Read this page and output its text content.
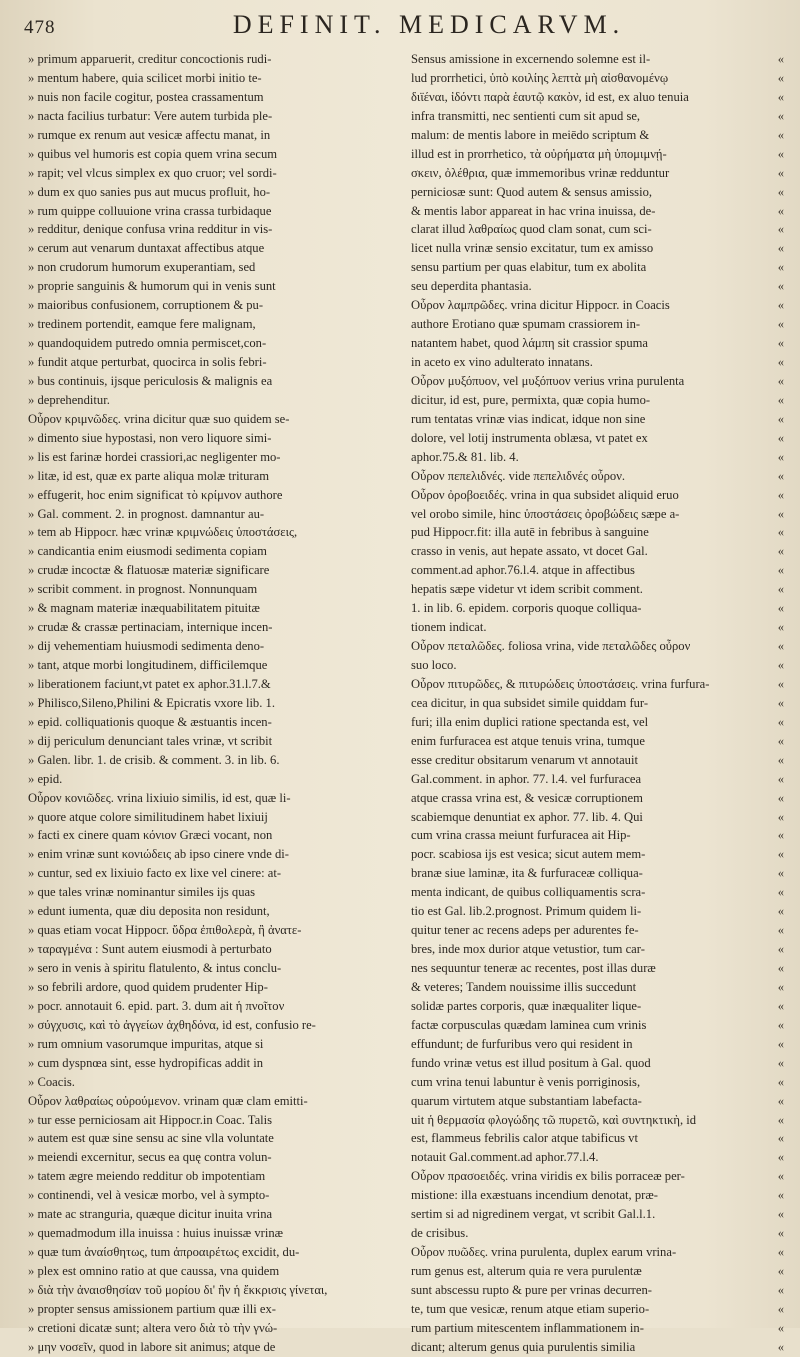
478	DEFINIT. MEDICARVM.
» primum apparuerit, creditur concoctionis rudi-
» mentum habere, quia scilicet morbi initio te-
» nuis non facile cogitur, postea crassamentum
» nacta facilius turbatur: Vere autem turbida ple-
» rumque ex renum aut vesicæ affectu manat, in
» quibus vel humoris est copia quem vrina secum
» rapit; vel vlcus simplex ex quo cruor; vel sordi-
» dum ex quo sanies pus aut mucus profluit, ho-
» rum quippe colluuione vrina crassa turbidaque
» redditur, denique confusa vrina redditur in vis-
» cerum aut venarum duntaxat affectibus atque
» non crudorum humorum exuperantiam, sed
» proprie sanguinis & humorum qui in venis sunt
» maioribus confusionem, corruptionem & pu-
» tredinem portendit, eamque fere malignam,
» quandoquidem putredo omnia permiscet,con-
» fundit atque perturbat, quocirca in solis febri-
» bus continuis, ijsque periculosis & malignis ea
» deprehenditur.
Οὖρον κριμνῶδες. vrina dicitur quæ suo quidem se-
» dimento siue hypostasi, non vero liquore simi-
» lis est farinæ hordei crassiori,ac negligenter mo-
» litæ, id est, quæ ex parte aliqua molæ trituram
» effugerit, hoc enim significat τὸ κρίμνον authore
» Gal. comment. 2. in prognost. damnantur au-
» tem ab Hippocr. hæc vrinæ κριμνώδεις ὑποστάσεις,
» candicantia enim eiusmodi sedimenta copiam
» crudæ incoctæ & flatuosæ materiæ significare
» scribit comment. in prognost. Nonnunquam
» & magnam materiæ inæquabilitatem pituitæ
» crudæ & crassæ pertinaciam, internique incen-
» dij vehementiam huiusmodi sedimenta deno-
» tant, atque morbi longitudinem, difficilemque
» liberationem faciunt,vt patet ex aphor.31.l.7.&
» Philisco,Sileno,Philini & Epicratis vxore lib. 1.
» epid. colliquationis quoque & æstuantis incen-
» dij periculum denunciant tales vrinæ, vt scribit
» Galen. libr. 1. de crisib. & comment. 3. in lib. 6.
» epid.
Οὖρον κονιῶδες. vrina lixiuio similis, id est, quæ li-
» quore atque colore similitudinem habet lixiuij
» facti ex cinere quam κόνιον Græci vocant, non
» enim vrinæ sunt κονιώδεις ab ipso cinere vnde di-
» cuntur, sed ex lixiuio facto ex lixe vel cinere: at-
» que tales vrinæ nominantur similes ijs quas
» edunt iumenta, quæ diu deposita non residunt,
» quas etiam vocat Hippocr. ὕδρα ἐπιθολερὰ, ἢ ἀνατε-
» ταραγμένα : Sunt autem eiusmodi à perturbato
» sero in venis à spiritu flatulento, & intus conclu-
» so febrili ardore, quod quidem prudenter Hip-
» pocr. annotauit 6. epid. part. 3. dum ait ἡ πνοῖτον
» σύγχυσις, καὶ τὸ ἀγγείων ἀχθηδόνα, id est, confusio re-
» rum omnium vasorumque impuritas, atque si
» cum dyspnœa sint, esse hydropificas addit in
» Coacis.
Οὖρον λαθραίως οὐρούμενον. vrinam quæ clam emitti-
» tur esse perniciosam ait Hippocr.in Coac. Talis
» autem est quæ sine sensu ac sine vlla voluntate
» meiendi excernitur, secus ea quę contra volun-
» tatem ægre meiendo redditur ob impotentiam
» continendi, vel à vesicæ morbo, vel à sympto-
» mate ac stranguria, quæque dicitur inuita vrina
» quemadmodum illa inuissa : huius inuissæ vrinæ
» quæ tum ἀναίσθητως, tum ἀπροαιρέτως excidit, du-
» plex est omnino ratio at que caussa, vna quidem
» διὰ τὴν ἀναισθησίαν τοῦ μορίου δι' ἣν ἡ ἔκκρισις γίνεται,
» propter sensus amissionem partium quæ illi ex-
» cretioni dicatæ sunt; altera vero διὰ τὸ τὴν γνώ-
» μην νοσεῖν, quod in labore sit animus; atque de
Sensus amissione in excernendo solemne est il- «
lud prorrhetici, ὑπὸ κοιλίης λεπτὰ μὴ αἰσθανομένῳ «
διϊέναι, ἰδόντι παρὰ ἑαυτῷ κακὸν, id est, ex aluo tenuia «
infra transmitti, nec sentienti cum sit apud se, «
malum: de mentis labore in meiēdo scriptum & «
illud est in prorrhetico, τὰ οὐρήματα μὴ ὑπομιμνῄ- «
σκειν, ὀλέθρια, quæ immemoribus vrinæ redduntur «
perniciosæ sunt: Quod autem & sensus amissio, «
& mentis labor appareat in hac vrina inuissa, de- «
clarat illud λαθραίως quod clam sonat, cum sci- «
licet nulla vrinæ sensio excitatur, tum ex amisso «
sensu partium per quas elabitur, tum ex abolita «
seu deperdita phantasia. «
Οὖρον λαμπρῶδες. vrina dicitur Hippocr. in Coacis «
authore Erotiano quæ spumam crassiorem in- «
natantem habet, quod λάμπη sit crassior spuma «
in aceto ex vino adulterato innatans. «
Οὖρον μυξόπυον, vel μυξόπυον verius vrina purulenta «
dicitur, id est, pure, permixta, quæ copia humo- «
rum tentatas vrinæ vias indicat, idque non sine «
dolore, vel lotij instrumenta oblæsa, vt patet ex «
aphor.75.& 81. lib. 4. «
Οὖρον πεπελιδνές. vide πεπελιδνές οὖρον. «
Οὖρον ὀροβοειδές. vrina in qua subsidet aliquid eruo «
vel orobo simile, hinc ὑποστάσεις ὀροβώδεις sæpe a- «
pud Hippocr.fit: illa autē in febribus à sanguine «
crasso in venis, aut hepate assato, vt docet Gal. «
comment.ad aphor.76.l.4. atque in affectibus «
hepatis sæpe videtur vt idem scribit comment. «
1. in lib. 6. epidem. corporis quoque colliqua- «
tionem indicat. «
Οὖρον πεταλῶδες. foliosa vrina, vide πεταλῶδες οὖρον «
suo loco. «
Οὖρον πιτυρῶδες, & πιτυρώδεις ὑποστάσεις. vrina furfura- «
cea dicitur, in qua subsidet simile quiddam fur- «
furi; illa enim duplici ratione spectanda est, vel «
enim furfuracea est atque tenuis vrina, tumque «
esse creditur obsitarum venarum vt annotauit «
Gal.comment. in aphor. 77. l.4. vel furfuracea «
atque crassa vrina est, & vesicæ corruptionem «
scabiemque denuntiat ex aphor. 77. lib. 4. Qui «
cum vrina crassa meiunt furfuracea ait Hip- «
pocr. scabiosa ijs est vesica; sicut autem mem- «
branæ siue laminæ, ita & furfuraceæ colliqua- «
menta indicant, de quibus colliquamentis scra- «
tio est Gal. lib.2.prognost. Primum quidem li- «
quitur tener ac recens adeps per adurentes fe- «
bres, inde mox durior atque vetustior, tum car- «
nes sequuntur teneræ ac recentes, post illas duræ «
& veteres; Tandem nouissime illis succedunt «
solidæ partes corporis, quæ inæqualiter lique- «
factæ corpusculas quædam laminea cum vrinis «
effundunt; de furfuribus vero qui resident in «
fundo vrinæ vetus est illud positum à Gal. quod «
cum vrina tenui labuntur è venis porriginosis, «
quarum virtutem atque substantiam labefacta- «
uit ἡ θερμασία φλογώδης τῶ πυρετῶ, καὶ συντηκτικὴ, id «
est, flammeus febrilis calor atque tabificus vt «
notauit Gal.comment.ad aphor.77.l.4. «
Οὖρον πρασοειδές. vrina viridis ex bilis porraceæ per- «
mistione: illa exæstuans incendium denotat, præ- «
sertim si ad nigredinem vergat, vt scribit Gal.l.1. «
de crisibus. «
Οὖρον πυῶδες. vrina purulenta, duplex earum vrina- «
rum genus est, alterum quia re vera purulentæ «
sunt abscessu rupto & pure per vrinas decurren- «
te, tum que vesicæ, renum atque etiam superio- «
rum partium mitescentem inflammationem in- «
dicant; alterum genus quia purulentis similia «
